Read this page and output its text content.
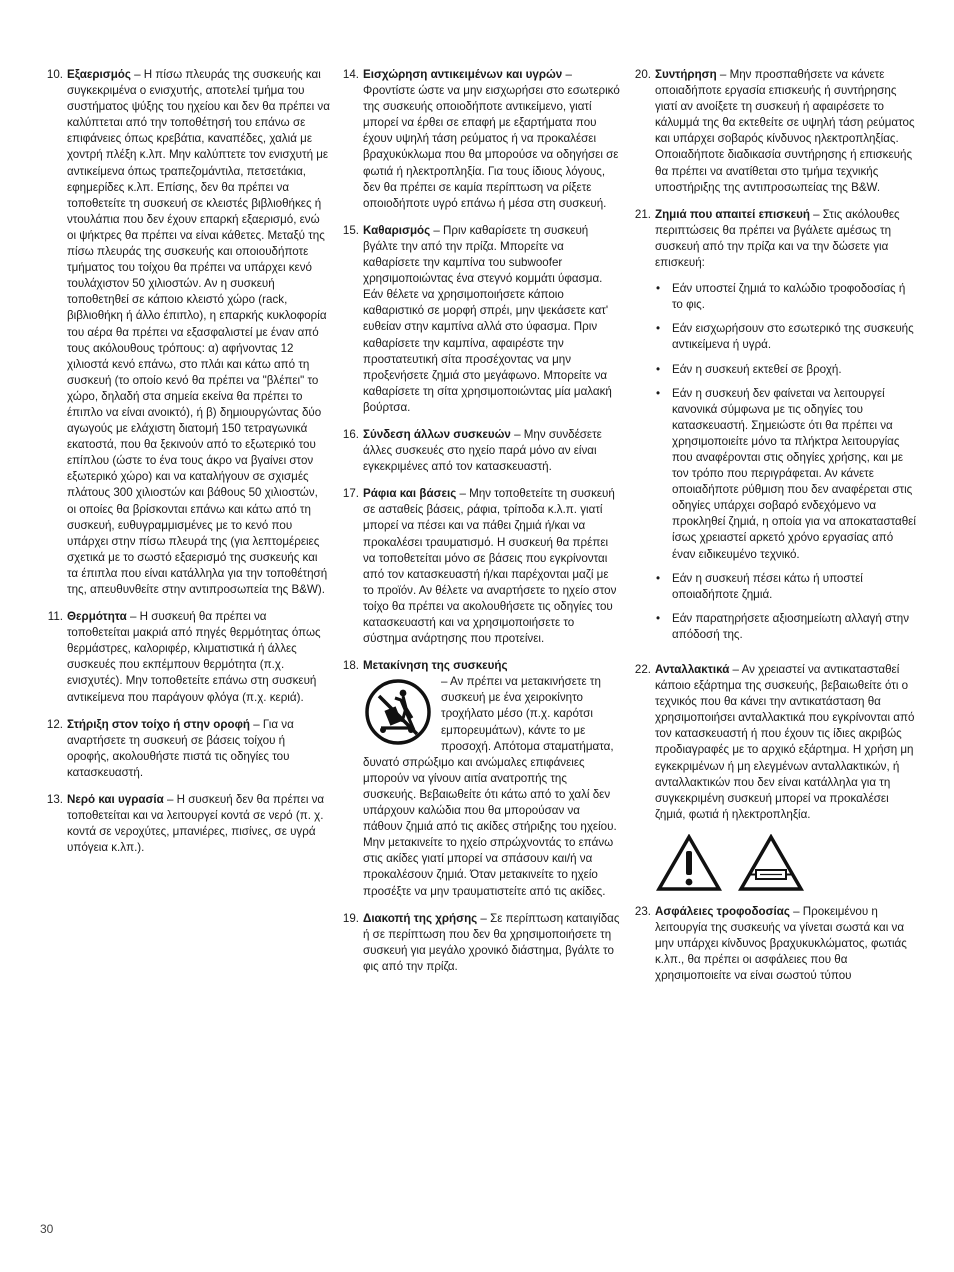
10. Εξαερισμός – Η πίσω πλευράς της συσκευής και συγκεκριμένα ο ενισχυτής, αποτελεί τμήμα του συστήματος ψύξης του ηχείου και δεν θα πρέπει να καλύπτεται από την τοποθέτησή του επάνω σε επιφάνειες όπως κρεβάτια, καναπέδες, χαλιά με χοντρή πλέξη κ.λπ. Μην καλύπτετε τον ενισχυτή με αντικείμενα όπως τραπεζομάντιλα, πετσετάκια, εφημερίδες κ.λπ. Επίσης, δεν θα πρέπει να τοποθετείτε τη συσκευή σε κλειστές βιβλιοθήκες ή ντουλάπια που δεν έχουν επαρκή εξαερισμό, ενώ οι ψήκτρες θα πρέπει να είναι κάθετες. Μεταξύ της πίσω πλευράς της συσκευής και οποιουδήποτε τμήματος του τοίχου θα πρέπει να υπάρχει κενό τουλάχιστον 50 χιλιοστών. Αν η συσκευή τοποθετηθεί σε κάποιο κλειστό χώρο (rack, βιβλιοθήκη ή άλλο έπιπλο), η επαρκής κυκλοφορία του αέρα θα πρέπει να εξασφαλιστεί με έναν από τους ακόλουθους τρόπους: α) αφήνοντας 12 χιλιοστά κενό επάνω, στο πλάι και κάτω από τη συσκευή (το οποίο κενό θα πρέπει να "βλέπει" το χώρο, δηλαδή στα σημεία εκείνα θα πρέπει το έπιπλο να είναι ανοικτό), ή β) δημιουργώντας δύο αγωγούς με ελάχιστη διατομή 150 τετραγωνικά εκατοστά, που θα ξεκινούν από το εξωτερικό του επίπλου (ώστε το ένα τους άκρο να βγαίνει στον εξωτερικό χώρο) και να καταλήγουν σε σχισμές πλάτους 300 χιλιοστών και βάθους 50 χιλιοστών, οι οποίες θα βρίσκονται επάνω και κάτω από τη συσκευή, ευθυγραμμισμένες με το κενό που υπάρχει στην πίσω πλευρά της (για λεπτομέρειες σχετικά με το σωστό εξαερισμό της συσκευής και τα έπιπλα που είναι κατάλληλα για την τοποθέτησή της, απευθυνθείτε στην αντιπροσωπεία της B&W).
11. Θερμότητα – Η συσκευή θα πρέπει να τοποθετείται μακριά από πηγές θερμότητας όπως θερμάστρες, καλοριφέρ, κλιματιστικά ή άλλες συσκευές που εκπέμπουν θερμότητα (π.χ. ενισχυτές). Μην τοποθετείτε επάνω στη συσκευή αντικείμενα που παράγουν φλόγα (π.χ. κεριά).
12. Στήριξη στον τοίχο ή στην οροφή – Για να αναρτήσετε τη συσκευή σε βάσεις τοίχου ή οροφής, ακολουθήστε πιστά τις οδηγίες του κατασκευαστή.
13. Νερό και υγρασία – Η συσκευή δεν θα πρέπει να τοποθετείται και να λειτουργεί κοντά σε νερό (π. χ. κοντά σε νεροχύτες, μπανιέρες, πισίνες, σε υγρά υπόγεια κ.λπ.).
14. Εισχώρηση αντικειμένων και υγρών – Φροντίστε ώστε να μην εισχωρήσει στο εσωτερικό της συσκευής οποιοδήποτε αντικείμενο, γιατί μπορεί να έρθει σε επαφή με εξαρτήματα που έχουν υψηλή τάση ρεύματος ή να προκαλέσει βραχυκύκλωμα που θα μπορούσε να οδηγήσει σε φωτιά ή ηλεκτροπληξία. Για τους ίδιους λόγους, δεν θα πρέπει σε καμία περίπτωση να ρίξετε οποιοδήποτε υγρό επάνω ή μέσα στη συσκευή.
15. Καθαρισμός – Πριν καθαρίσετε τη συσκευή βγάλτε την από την πρίζα. Μπορείτε να καθαρίσετε την καμπίνα του subwoofer χρησιμοποιώντας ένα στεγνό κομμάτι ύφασμα. Εάν θέλετε να χρησιμοποιήσετε κάποιο καθαριστικό σε μορφή σπρέι, μην ψεκάσετε κατ' ευθείαν στην καμπίνα αλλά στο ύφασμα. Πριν καθαρίσετε την καμπίνα, αφαιρέστε την προστατευτική σίτα προσέχοντας να μην προξενήσετε ζημιά στο μεγάφωνο. Μπορείτε να καθαρίσετε τη σίτα χρησιμοποιώντας μία μαλακή βούρτσα.
16. Σύνδεση άλλων συσκευών – Μην συνδέσετε άλλες συσκευές στο ηχείο παρά μόνο αν είναι εγκεκριμένες από τον κατασκευαστή.
17. Ράφια και βάσεις – Μην τοποθετείτε τη συσκευή σε ασταθείς βάσεις, ράφια, τρίποδα κ.λ.π. γιατί μπορεί να πέσει και να πάθει ζημιά ή/και να προκαλέσει τραυματισμό. Η συσκευή θα πρέπει να τοποθετείται μόνο σε βάσεις που εγκρίνονται από τον κατασκευαστή ή/και παρέχονται μαζί με το προϊόν. Αν θέλετε να αναρτήσετε το ηχείο στον τοίχο θα πρέπει να ακολουθήσετε τις οδηγίες του κατασκευαστή και να χρησιμοποιήσετε το σύστημα ανάρτησης που προτείνει.
18. Μετακίνηση της συσκευής

– Αν πρέπει να μετακινήσετε τη συσκευή με ένα χειροκίνητο τροχήλατο μέσο (π.χ. καρότσι εμπορευμάτων), κάντε το με προσοχή. Απότομα σταματήματα, δυνατό σπρώξιμο και ανώμαλες επιφάνειες μπορούν να γίνουν αιτία ανατροπής της συσκευής. Βεβαιωθείτε ότι κάτω από το χαλί δεν υπάρχουν καλώδια που θα μπορούσαν να πάθουν ζημιά από τις ακίδες στήριξης του ηχείου. Μην μετακινείτε το ηχείο σπρώχνοντάς το επάνω στις ακίδες γιατί μπορεί να σπάσουν και/ή να προκαλέσουν ζημιά. Όταν μετακινείτε το ηχείο προσέξτε να μην τραυματιστείτε από τις ακίδες.
19. Διακοπή της χρήσης – Σε περίπτωση καταιγίδας ή σε περίπτωση που δεν θα χρησιμοποιήσετε τη συσκευή για μεγάλο χρονικό διάστημα, βγάλτε το φις από την πρίζα.
20. Συντήρηση – Μην προσπαθήσετε να κάνετε οποιαδήποτε εργασία επισκευής ή συντήρησης γιατί αν ανοίξετε τη συσκευή ή αφαιρέσετε το κάλυμμά της θα εκτεθείτε σε υψηλή τάση ρεύματος και υπάρχει σοβαρός κίνδυνος ηλεκτροπληξίας. Οποιαδήποτε διαδικασία συντήρησης ή επισκευής θα πρέπει να ανατίθεται στο τμήμα τεχνικής υποστήριξης της αντιπροσωπείας της B&W.
21. Ζημιά που απαιτεί επισκευή – Στις ακόλουθες περιπτώσεις θα πρέπει να βγάλετε αμέσως τη συσκευή από την πρίζα και να την δώσετε για επισκευή:
•	Εάν υποστεί ζημιά το καλώδιο τροφοδοσίας ή το φις.
•	Εάν εισχωρήσουν στο εσωτερικό της συσκευής αντικείμενα ή υγρά.
•	Εάν η συσκευή εκτεθεί σε βροχή.
•	Εάν η συσκευή δεν φαίνεται να λειτουργεί κανονικά σύμφωνα με τις οδηγίες του κατασκευαστή. Σημειώστε ότι θα πρέπει να χρησιμοποιείτε μόνο τα πλήκτρα λειτουργίας που αναφέρονται στις οδηγίες χρήσης, και με τον τρόπο που περιγράφεται. Αν κάνετε οποιαδήποτε ρύθμιση που δεν αναφέρεται στις οδηγίες υπάρχει σοβαρό ενδεχόμενο να προκληθεί ζημιά, η οποία για να αποκατασταθεί ίσως χρειαστεί αρκετό χρόνο εργασίας από έναν ειδικευμένο τεχνικό.
•	Εάν η συσκευή πέσει κάτω ή υποστεί οποιαδήποτε ζημιά.
•	Εάν παρατηρήσετε αξιοσημείωτη αλλαγή στην απόδοσή της.
22. Ανταλλακτικά – Αν χρειαστεί να αντικατασταθεί κάποιο εξάρτημα της συσκευής, βεβαιωθείτε ότι ο τεχνικός που θα κάνει την αντικατάσταση θα χρησιμοποιήσει ανταλλακτικά που εγκρίνονται από τον κατασκευαστή ή που έχουν τις ίδιες ακριβώς προδιαγραφές με το αρχικό εξάρτημα. Η χρήση μη εγκεκριμένων ή μη ελεγμένων ανταλλακτικών, ή ανταλλακτικών που δεν είναι κατάλληλα για τη συγκεκριμένη συσκευή μπορεί να προκαλέσει ζημιά, φωτιά ή ηλεκτροπληξία.
23. Ασφάλειες τροφοδοσίας – Προκειμένου η λειτουργία της συσκευής να γίνεται σωστά και να μην υπάρχει κίνδυνος βραχυκυκλώματος, φωτιάς κ.λπ., θα πρέπει οι ασφάλειες που θα χρησιμοποιείτε να είναι σωστού τύπου
30
